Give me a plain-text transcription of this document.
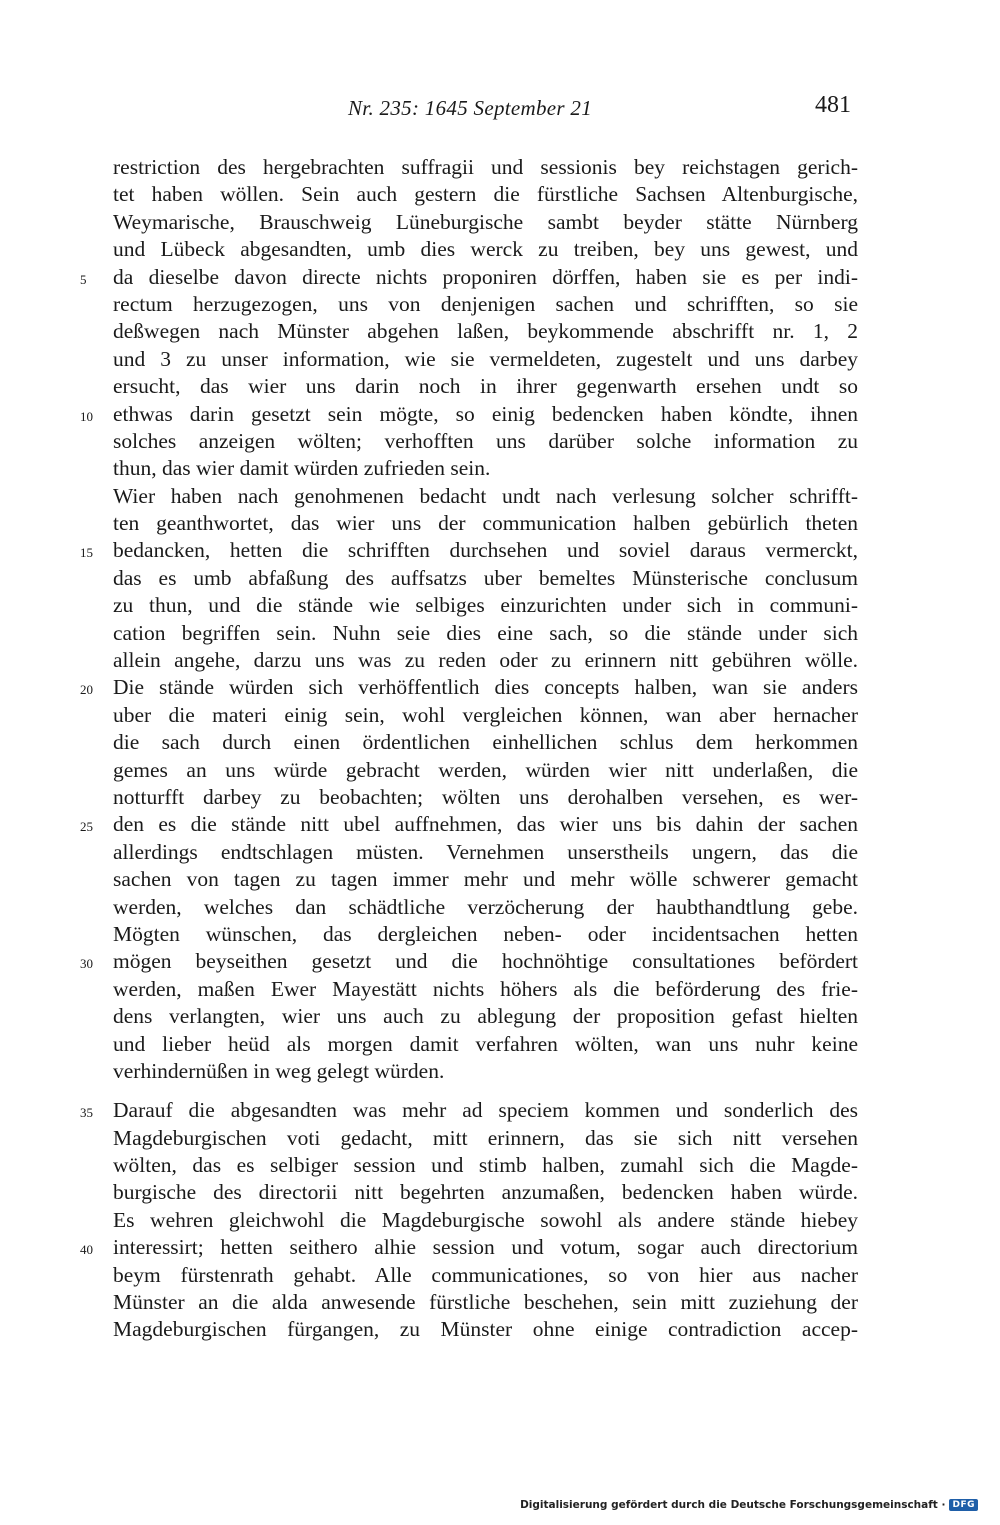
Nr. 235: 1645 September 21	481
restriction des hergebrachten suffragii und sessionis bey reichstagen gerich-
tet haben wöllen. Sein auch gestern die fürstliche Sachsen Altenburgische,
Weymarische, Brauschweig Lüneburgische sambt beyder stätte Nürnberg
und Lübeck abgesandten, umb dies werck zu treiben, bey uns gewest, und
5	da dieselbe davon directe nichts proponiren dörffen, haben sie es per indi-
rectum herzugezogen, uns von denjenigen sachen und schrifften, so sie
deßwegen nach Münster abgehen laßen, beykommende abschrifft nr. 1, 2
und 3 zu unser information, wie sie vermeldeten, zugestelt und uns darbey
ersucht, das wier uns darin noch in ihrer gegenwarth ersehen undt so
10 ethwas darin gesetzt sein mögte, so einig bedencken haben köndte, ihnen
solches anzeigen wölten; verhofften uns darüber solche information zu
thun, das wier damit würden zufrieden sein.
Wier haben nach genohmenen bedacht undt nach verlesung solcher schrifft-
ten geanthwortet, das wier uns der communication halben gebürlich theten
15 bedancken, hetten die schrifften durchsehen und soviel daraus vermerckt,
das es umb abfaßung des auffsatzs uber bemeltes Münsterische conclusum
zu thun, und die stände wie selbiges einzurichten under sich in communi-
cation begriffen sein. Nuhn seie dies eine sach, so die stände under sich
allein angehe, darzu uns was zu reden oder zu erinnern nitt gebühren wölle.
20 Die stände würden sich verhöffentlich dies concepts halben, wan sie anders
uber die materi einig sein, wohl vergleichen können, wan aber hernacher
die sach durch einen ördentlichen einhellichen schlus dem herkommen
gemes an uns würde gebracht werden, würden wier nitt underlaßen, die
notturfft darbey zu beobachten; wölten uns derohalben versehen, es wer-
25 den es die stände nitt ubel auffnehmen, das wier uns bis dahin der sachen
allerdings endtschlagen müsten. Vernehmen unserstheils ungern, das die
sachen von tagen zu tagen immer mehr und mehr wölle schwerer gemacht
werden, welches dan schädtliche verzöcherung der haubthandtlung gebe.
Mögten wünschen, das dergleichen neben- oder incidentsachen hetten
30 mögen beyseithen gesetzt und die hochnöhtige consultationes befördert
werden, maßen Ewer Mayestätt nichts höhers als die beförderung des frie-
dens verlangten, wier uns auch zu ablegung der proposition gefast hielten
und lieber heüd als morgen damit verfahren wölten, wan uns nuhr keine
verhindernüßen in weg gelegt würden.
35 Darauf die abgesandten was mehr ad speciem kommen und sonderlich des
Magdeburgischen voti gedacht, mitt erinnern, das sie sich nitt versehen
wölten, das es selbiger session und stimb halben, zumahl sich die Magde-
burgische des directorii nitt begehrten anzumaßen, bedencken haben würde.
Es wehren gleichwohl die Magdeburgische sowohl als andere stände hiebey
40 interessirt; hetten seithero alhie session und votum, sogar auch directorium
beym fürstenrath gehabt. Alle communicationes, so von hier aus nacher
Münster an die alda anwesende fürstliche beschehen, sein mitt zuziehung der
Magdeburgischen fürgangen, zu Münster ohne einige contradiction accep-
Digitalisierung gefördert durch die Deutsche Forschungsgemeinschaft · DFG
